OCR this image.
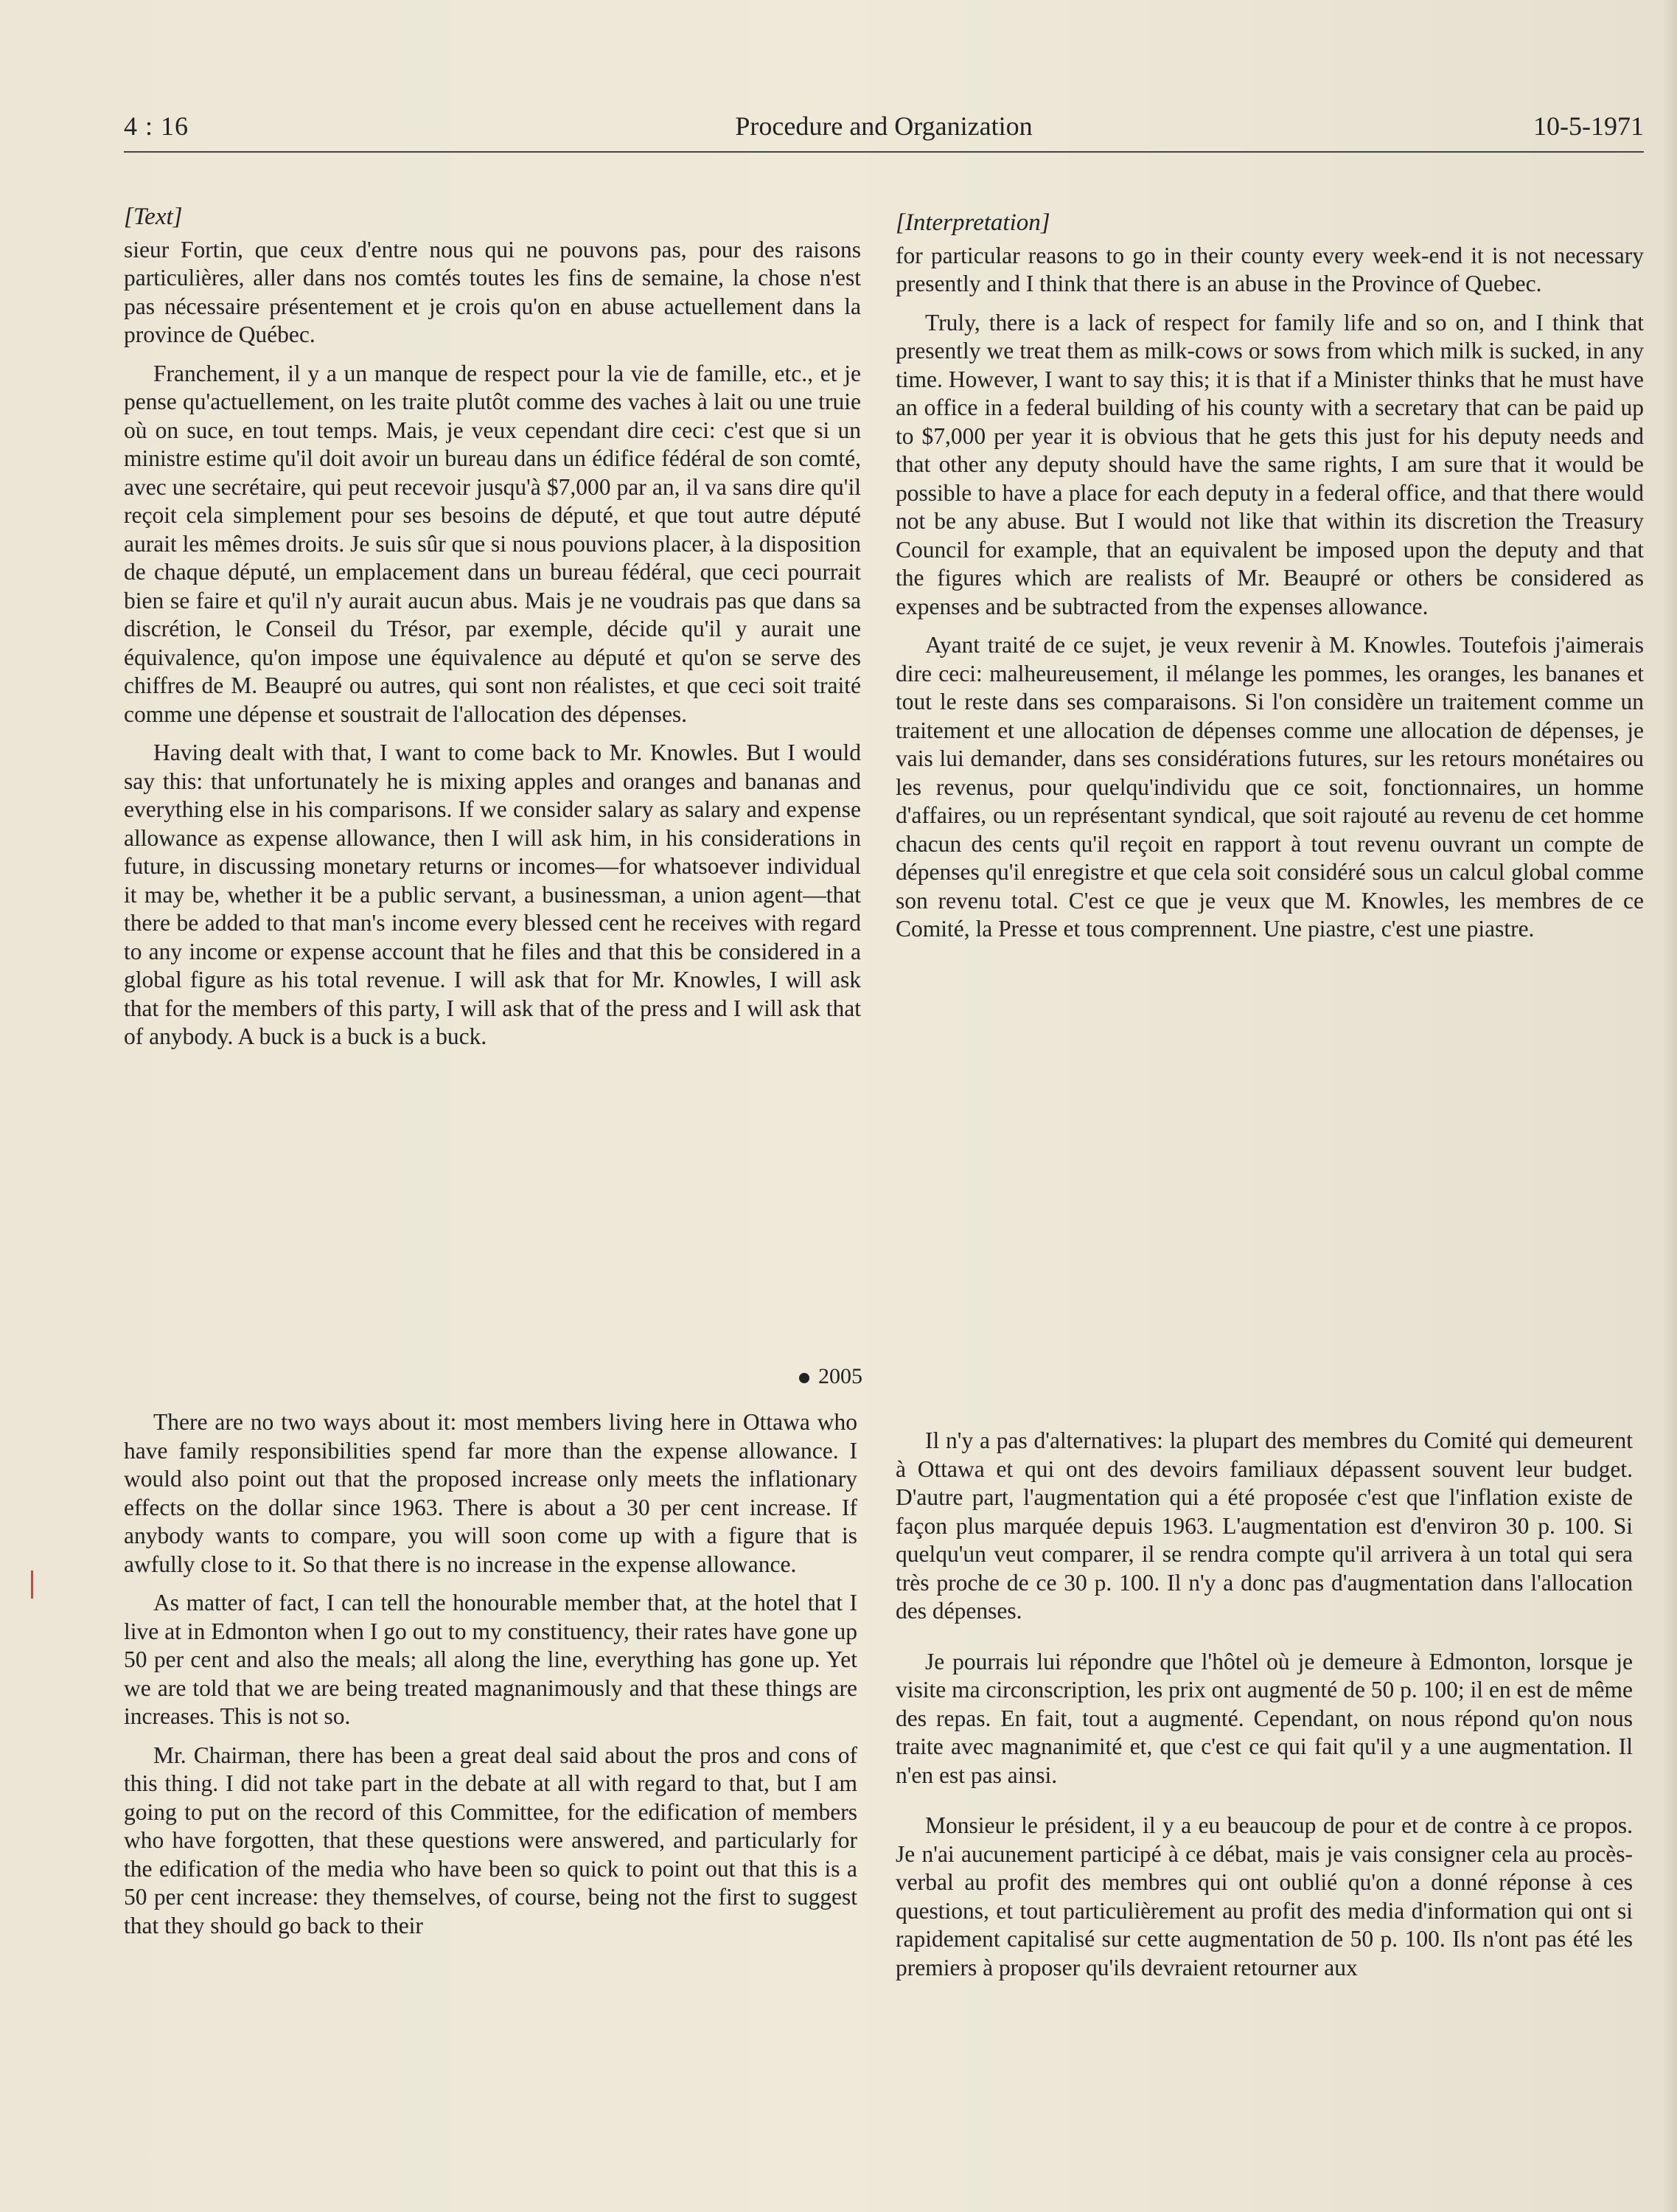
4 : 16	Procedure and Organization	10-5-1971
[Text]

sieur Fortin, que ceux d'entre nous qui ne pouvons pas, pour des raisons particulières, aller dans nos comtés toutes les fins de semaine, la chose n'est pas nécessaire présentement et je crois qu'on en abuse actuellement dans la province de Québec.

Franchement, il y a un manque de respect pour la vie de famille, etc., et je pense qu'actuellement, on les traite plutôt comme des vaches à lait ou une truie où on suce, en tout temps. Mais, je veux cependant dire ceci: c'est que si un ministre estime qu'il doit avoir un bureau dans un édifice fédéral de son comté, avec une secrétaire, qui peut recevoir jusqu'à $7,000 par an, il va sans dire qu'il reçoit cela simplement pour ses besoins de député, et que tout autre député aurait les mêmes droits. Je suis sûr que si nous pouvions placer, à la disposition de chaque député, un emplacement dans un bureau fédéral, que ceci pourrait bien se faire et qu'il n'y aurait aucun abus. Mais je ne voudrais pas que dans sa discrétion, le Conseil du Trésor, par exemple, décide qu'il y aurait une équivalence, qu'on impose une équivalence au député et qu'on se serve des chiffres de M. Beaupré ou autres, qui sont non réalistes, et que ceci soit traité comme une dépense et soustrait de l'allocation des dépenses.

Having dealt with that, I want to come back to Mr. Knowles. But I would say this: that unfortunately he is mixing apples and oranges and bananas and everything else in his comparisons. If we consider salary as salary and expense allowance as expense allowance, then I will ask him, in his considerations in future, in discussing monetary returns or incomes—for whatsoever individual it may be, whether it be a public servant, a businessman, a union agent—that there be added to that man's income every blessed cent he receives with regard to any income or expense account that he files and that this be considered in a global figure as his total revenue. I will ask that for Mr. Knowles, I will ask that for the members of this party, I will ask that of the press and I will ask that of anybody. A buck is a buck is a buck.

[Interpretation]

for particular reasons to go in their county every week-end it is not necessary presently and I think that there is an abuse in the Province of Quebec.

Truly, there is a lack of respect for family life and so on, and I think that presently we treat them as milk-cows or sows from which milk is sucked, in any time. However, I want to say this; it is that if a Minister thinks that he must have an office in a federal building of his county with a secretary that can be paid up to $7,000 per year it is obvious that he gets this just for his deputy needs and that other any deputy should have the same rights, I am sure that it would be possible to have a place for each deputy in a federal office, and that there would not be any abuse. But I would not like that within its discretion the Treasury Council for example, that an equivalent be imposed upon the deputy and that the figures which are realists of Mr. Beaupré or others be considered as expenses and be subtracted from the expenses allowance.

Ayant traité de ce sujet, je veux revenir à M. Knowles. Toutefois j'aimerais dire ceci: malheureusement, il mélange les pommes, les oranges, les bananes et tout le reste dans ses comparaisons. Si l'on considère un traitement comme un traitement et une allocation de dépenses comme une allocation de dépenses, je vais lui demander, dans ses considérations futures, sur les retours monétaires ou les revenus, pour quelqu'individu que ce soit, fonctionnaires, un homme d'affaires, ou un représentant syndical, que soit rajouté au revenu de cet homme chacun des cents qu'il reçoit en rapport à tout revenu ouvrant un compte de dépenses qu'il enregistre et que cela soit considéré sous un calcul global comme son revenu total. C'est ce que je veux que M. Knowles, les membres de ce Comité, la Presse et tous comprennent. Une piastre, c'est une piastre.

2005

There are no two ways about it: most members living here in Ottawa who have family responsibilities spend far more than the expense allowance. I would also point out that the proposed increase only meets the inflationary effects on the dollar since 1963. There is about a 30 per cent increase. If anybody wants to compare, you will soon come up with a figure that is awfully close to it. So that there is no increase in the expense allowance.

As matter of fact, I can tell the honourable member that, at the hotel that I live at in Edmonton when I go out to my constituency, their rates have gone up 50 per cent and also the meals; all along the line, everything has gone up. Yet we are told that we are being treated magnanimously and that these things are increases. This is not so.

Mr. Chairman, there has been a great deal said about the pros and cons of this thing. I did not take part in the debate at all with regard to that, but I am going to put on the record of this Committee, for the edification of members who have forgotten, that these questions were answered, and particularly for the edification of the media who have been so quick to point out that this is a 50 per cent increase: they themselves, of course, being not the first to suggest that they should go back to their

Il n'y a pas d'alternatives: la plupart des membres du Comité qui demeurent à Ottawa et qui ont des devoirs familiaux dépassent souvent leur budget. D'autre part, l'augmentation qui a été proposée c'est que l'inflation existe de façon plus marquée depuis 1963. L'augmentation est d'environ 30 p. 100. Si quelqu'un veut comparer, il se rendra compte qu'il arrivera à un total qui sera très proche de ce 30 p. 100. Il n'y a donc pas d'augmentation dans l'allocation des dépenses.

Je pourrais lui répondre que l'hôtel où je demeure à Edmonton, lorsque je visite ma circonscription, les prix ont augmenté de 50 p. 100; il en est de même des repas. En fait, tout a augmenté. Cependant, on nous répond qu'on nous traite avec magnanimité et, que c'est ce qui fait qu'il y a une augmentation. Il n'en est pas ainsi.

Monsieur le président, il y a eu beaucoup de pour et de contre à ce propos. Je n'ai aucunement participé à ce débat, mais je vais consigner cela au procès-verbal au profit des membres qui ont oublié qu'on a donné réponse à ces questions, et tout particulièrement au profit des media d'information qui ont si rapidement capitalisé sur cette augmentation de 50 p. 100. Ils n'ont pas été les premiers à proposer qu'ils devraient retourner aux
